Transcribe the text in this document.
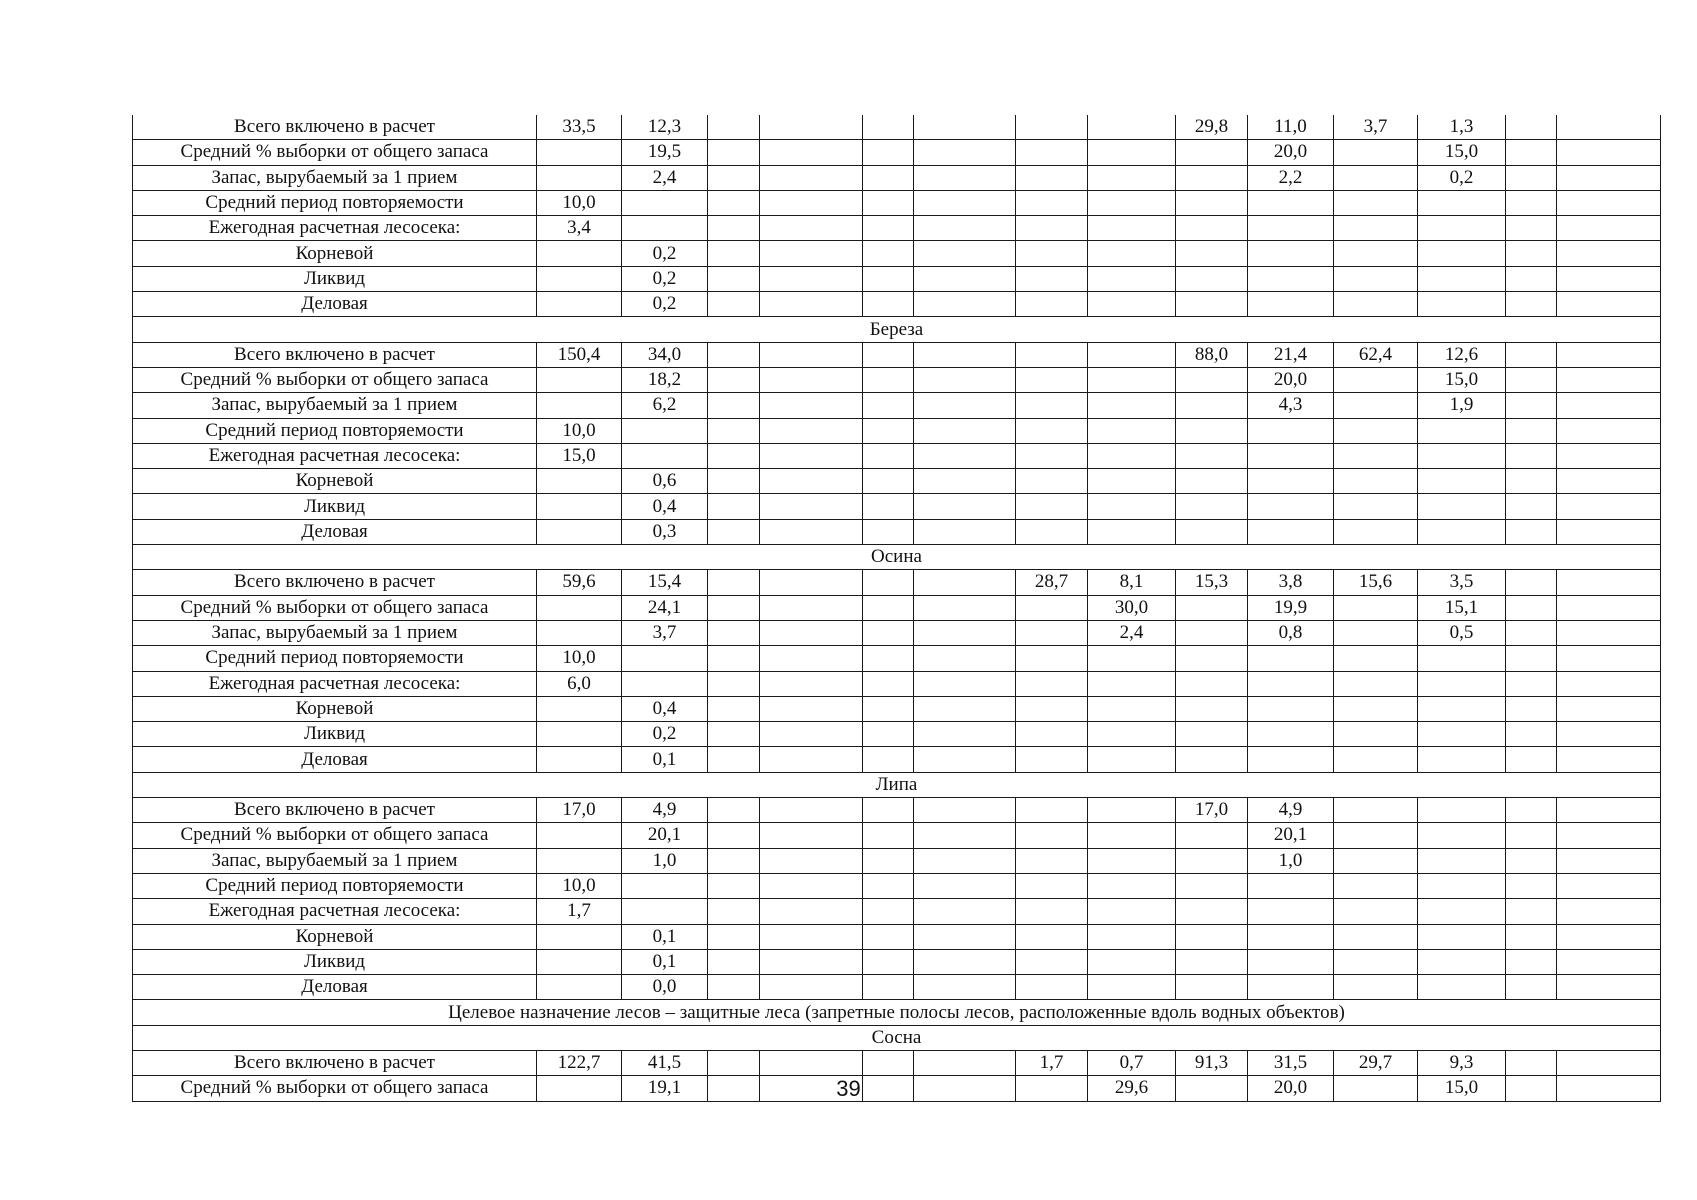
Всего включено в расчет	33,5	12,3							29,8	11,0	3,7	1,3		
Средний % выборки от общего запаса		19,5								20,0		15,0		
Запас, вырубаемый за 1 прием		2,4								2,2		0,2		
Средний период повторяемости	10,0													
Ежегодная расчетная лесосека:	3,4													
Корневой		0,2												
Ликвид		0,2												
Деловая		0,2												
Береза														
Всего включено в расчет	150,4	34,0							88,0	21,4	62,4	12,6		
Средний % выборки от общего запаса		18,2								20,0		15,0		
Запас, вырубаемый за 1 прием		6,2								4,3		1,9		
Средний период повторяемости	10,0													
Ежегодная расчетная лесосека:	15,0													
Корневой		0,6												
Ликвид		0,4												
Деловая		0,3												
Осина														
Всего включено в расчет	59,6	15,4					28,7	8,1	15,3	3,8	15,6	3,5		
Средний % выборки от общего запаса		24,1						30,0		19,9		15,1		
Запас, вырубаемый за 1 прием		3,7						2,4		0,8		0,5		
Средний период повторяемости	10,0													
Ежегодная расчетная лесосека:	6,0													
Корневой		0,4												
Ликвид		0,2												
Деловая		0,1												
Липа														
Всего включено в расчет	17,0	4,9							17,0	4,9				
Средний % выборки от общего запаса		20,1								20,1				
Запас, вырубаемый за 1 прием		1,0								1,0				
Средний период повторяемости	10,0													
Ежегодная расчетная лесосека:	1,7													
Корневой		0,1												
Ликвид		0,1												
Деловая		0,0												
Целевое назначение лесов – защитные леса (запретные полосы лесов, расположенные вдоль водных объектов)														
Сосна														
Всего включено в расчет	122,7	41,5					1,7	0,7	91,3	31,5	29,7	9,3		
Средний % выборки от общего запаса		19,1						29,6		20,0		15,0		
39
